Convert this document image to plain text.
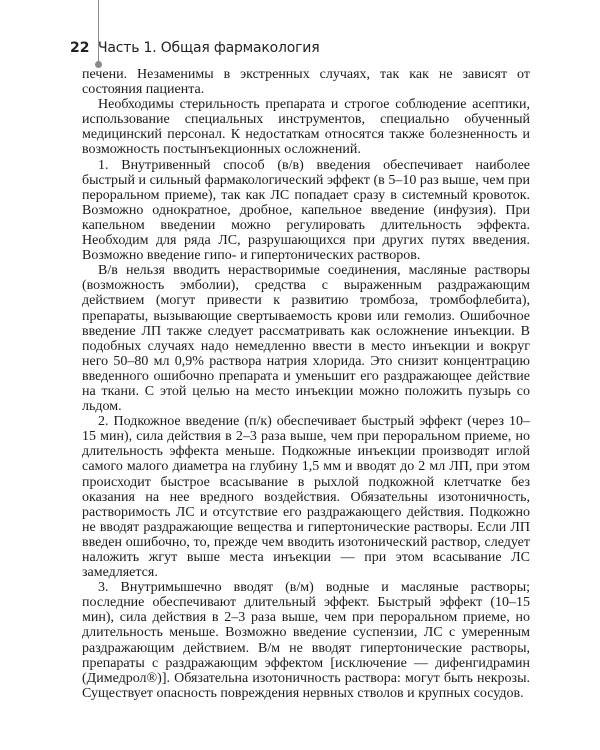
22 Часть 1. Общая фармакология

печени. Незаменимы в экстренных случаях, так как не зависят от состояния пациента.

Необходимы стерильность препарата и строгое соблюдение асептики, использование специальных инструментов, специально обученный медицинский персонал. К недостаткам относятся также болезненность и возможность постынъекционных осложнений.

1. Внутривенный способ (в/в) введения обеспечивает наиболее быстрый и сильный фармакологический эффект (в 5–10 раз выше, чем при пероральном приеме), так как ЛС попадает сразу в системный кровоток. Возможно однократное, дробное, капельное введение (инфузия). При капельном введении можно регулировать длительность эффекта. Необходим для ряда ЛС, разрушающихся при других путях введения. Возможно введение гипо- и гипертонических растворов.

В/в нельзя вводить нерастворимые соединения, масляные растворы (возможность эмболии), средства с выраженным раздражающим действием (могут привести к развитию тромбоза, тромбофлебита), препараты, вызывающие свертываемость крови или гемолиз. Ошибочное введение ЛП также следует рассматривать как осложнение инъекции. В подобных случаях надо немедленно ввести в место инъекции и вокруг него 50–80 мл 0,9% раствора натрия хлорида. Это снизит концентрацию введенного ошибочно препарата и уменьшит его раздражающее действие на ткани. С этой целью на место инъекции можно положить пузырь со льдом.

2. Подкожное введение (п/к) обеспечивает быстрый эффект (через 10–15 мин), сила действия в 2–3 раза выше, чем при пероральном приеме, но длительность эффекта меньше. Подкожные инъекции производят иглой самого малого диаметра на глубину 1,5 мм и вводят до 2 мл ЛП, при этом происходит быстрое всасывание в рыхлой подкожной клетчатке без оказания на нее вредного воздействия. Обязательны изотоничность, растворимость ЛС и отсутствие его раздражающего действия. Подкожно не вводят раздражающие вещества и гипертонические растворы. Если ЛП введен ошибочно, то, прежде чем вводить изотонический раствор, следует наложить жгут выше места инъекции — при этом всасывание ЛС замедляется.

3. Внутримышечно вводят (в/м) водные и масляные растворы; последние обеспечивают длительный эффект. Быстрый эффект (10–15 мин), сила действия в 2–3 раза выше, чем при пероральном приеме, но длительность меньше. Возможно введение суспензии, ЛС с умеренным раздражающим действием. В/м не вводят гипертонические растворы, препараты с раздражающим эффектом [исключение — дифенгидрамин (Димедрол®)]. Обязательна изотоничность раствора: могут быть некрозы. Существует опасность повреждения нервных стволов и крупных сосудов.
